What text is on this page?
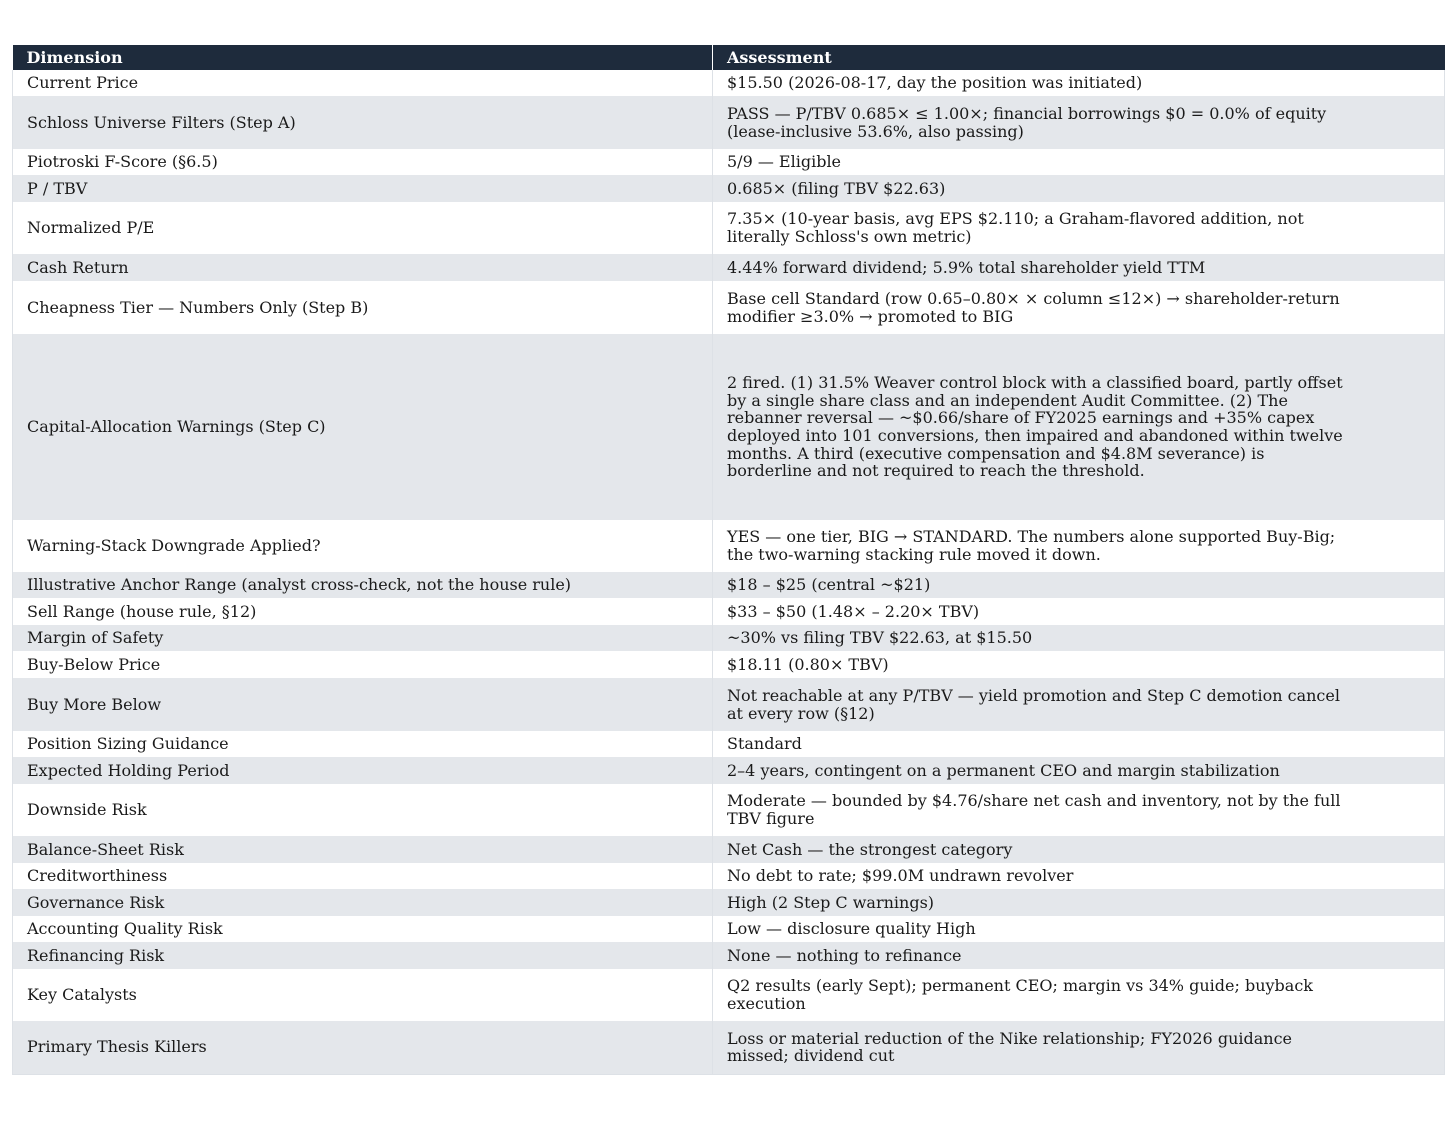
Dimension	Assessment
Current Price	$15.50 (2026-08-17, day the position was initiated)

Schloss Universe Filters (Step A)	PASS — P/TBV 0.685× ≤ 1.00×; financial borrowings $0 = 0.0% of equity (lease-inclusive 53.6%, also passing)

Piotroski F-Score (§6.5)	5/9 — Eligible

P / TBV	0.685× (filing TBV $22.63)

Normalized P/E	7.35× (10-year basis, avg EPS $2.110; a Graham-flavored addition, not literally Schloss's own metric)

Cash Return	4.44% forward dividend; 5.9% total shareholder yield TTM

Cheapness Tier — Numbers Only (Step B)	Base cell Standard (row 0.65–0.80× × column ≤12×) → shareholder-return modifier ≥3.0% → promoted to BIG

Capital-Allocation Warnings (Step C)	2 fired. (1) 31.5% Weaver control block with a classified board, partly offset by a single share class and an independent Audit Committee. (2) The rebanner reversal — ~$0.66/share of FY2025 earnings and +35% capex deployed into 101 conversions, then impaired and abandoned within twelve months. A third (executive compensation and $4.8M severance) is borderline and not required to reach the threshold.

Warning-Stack Downgrade Applied?	YES — one tier, BIG → STANDARD. The numbers alone supported Buy-Big; the two-warning stacking rule moved it down.

Illustrative Anchor Range (analyst cross-check, not the house rule)	$18 – $25 (central ~$21)

Sell Range (house rule, §12)	$33 – $50 (1.48× – 2.20× TBV)

Margin of Safety	~30% vs filing TBV $22.63, at $15.50

Buy-Below Price	$18.11 (0.80× TBV)

Buy More Below	Not reachable at any P/TBV — yield promotion and Step C demotion cancel at every row (§12)

Position Sizing Guidance	Standard

Expected Holding Period	2–4 years, contingent on a permanent CEO and margin stabilization

Downside Risk	Moderate — bounded by $4.76/share net cash and inventory, not by the full TBV figure

Balance-Sheet Risk	Net Cash — the strongest category

Creditworthiness	No debt to rate; $99.0M undrawn revolver

Governance Risk	High (2 Step C warnings)

Accounting Quality Risk	Low — disclosure quality High

Refinancing Risk	None — nothing to refinance

Key Catalysts	Q2 results (early Sept); permanent CEO; margin vs 34% guide; buyback execution

Primary Thesis Killers	Loss or material reduction of the Nike relationship; FY2026 guidance missed; dividend cut
